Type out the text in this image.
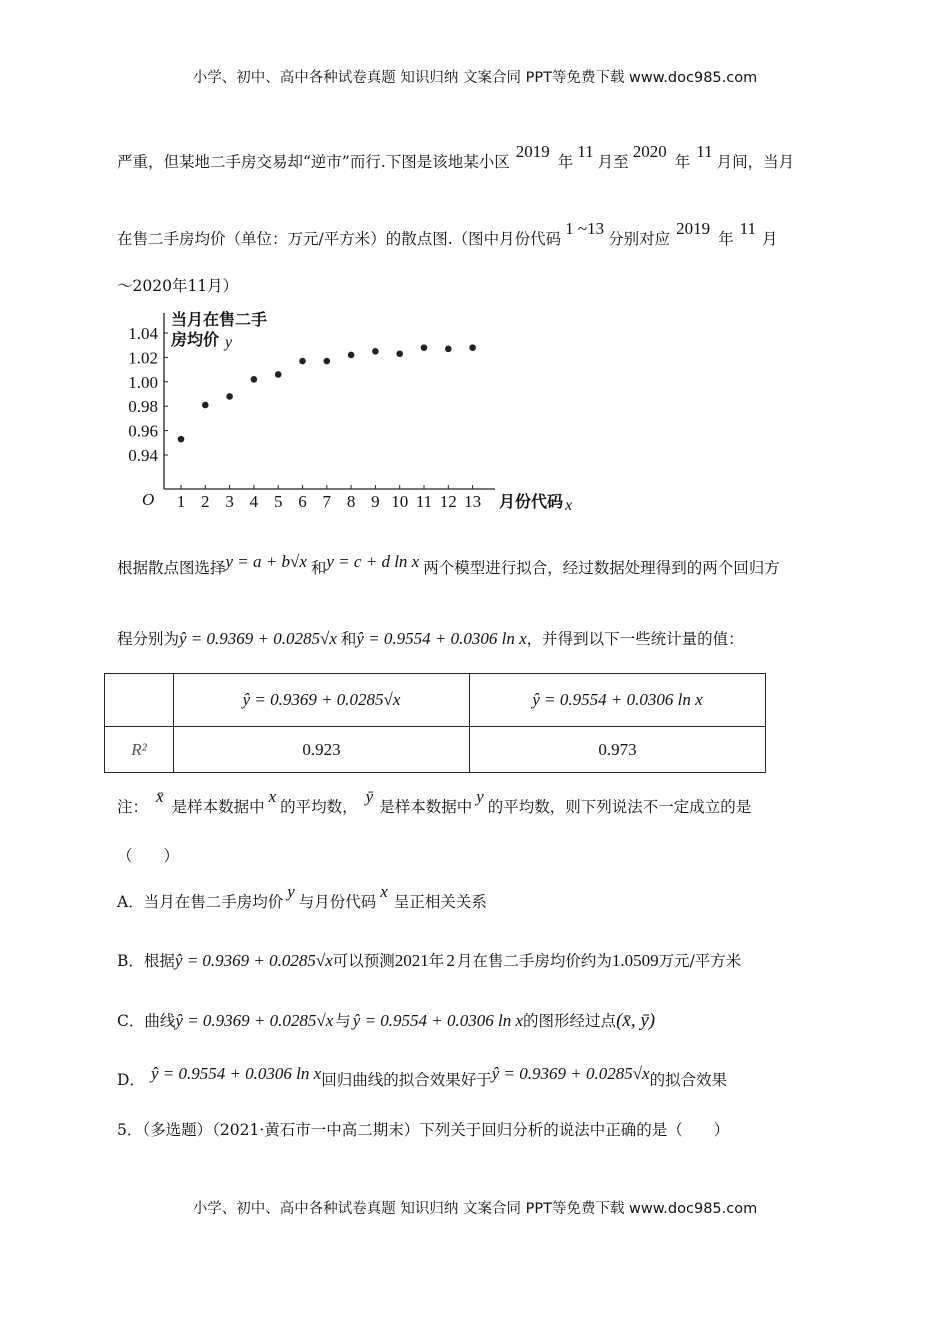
小学、初中、高中各种试卷真题 知识归纳 文案合同 PPT等免费下载 www.doc985.com
严重，但某地二手房交易却“逆市”而行.下图是该地某小区2019年11月至2020年11月间，当月
在售二手房均价（单位：万元/平方米）的散点图.（图中月份代码1 ~13分别对应2019年11月
～2020年11月）
0.94
0.96
0.98
1.00
1.02
1.04
1 2 3 4 5 6 7 8 9 10 11 12 13
O
当月在售二手
房均价 y
月份代码 x
根据散点图选择y = a + b√x 和y = c + d ln x 两个模型进行拟合，经过数据处理得到的两个回归方
程分别为ŷ = 0.9369 + 0.0285√x 和ŷ = 0.9554 + 0.0306 ln x，并得到以下一些统计量的值：
	ŷ = 0.9369 + 0.0285√x	ŷ = 0.9554 + 0.0306 ln x
R²	0.923	0.973
注：x̄是样本数据中x的平均数，ȳ是样本数据中y的平均数，则下列说法不一定成立的是
（　　）
A．当月在售二手房均价y与月份代码x呈正相关关系
B．根据ŷ = 0.9369 + 0.0285√x可以预测2021年 2 月在售二手房均价约为1.0509万元/平方米
C．曲线ŷ = 0.9369 + 0.0285√x 与 ŷ = 0.9554 + 0.0306 ln x的图形经过点(x̄, ȳ)
D． ŷ = 0.9554 + 0.0306 ln x回归曲线的拟合效果好于ŷ = 0.9369 + 0.0285√x的拟合效果
5．（多选题）（2021·黄石市一中高二期末）下列关于回归分析的说法中正确的是（　　）
小学、初中、高中各种试卷真题 知识归纳 文案合同 PPT等免费下载 www.doc985.com
